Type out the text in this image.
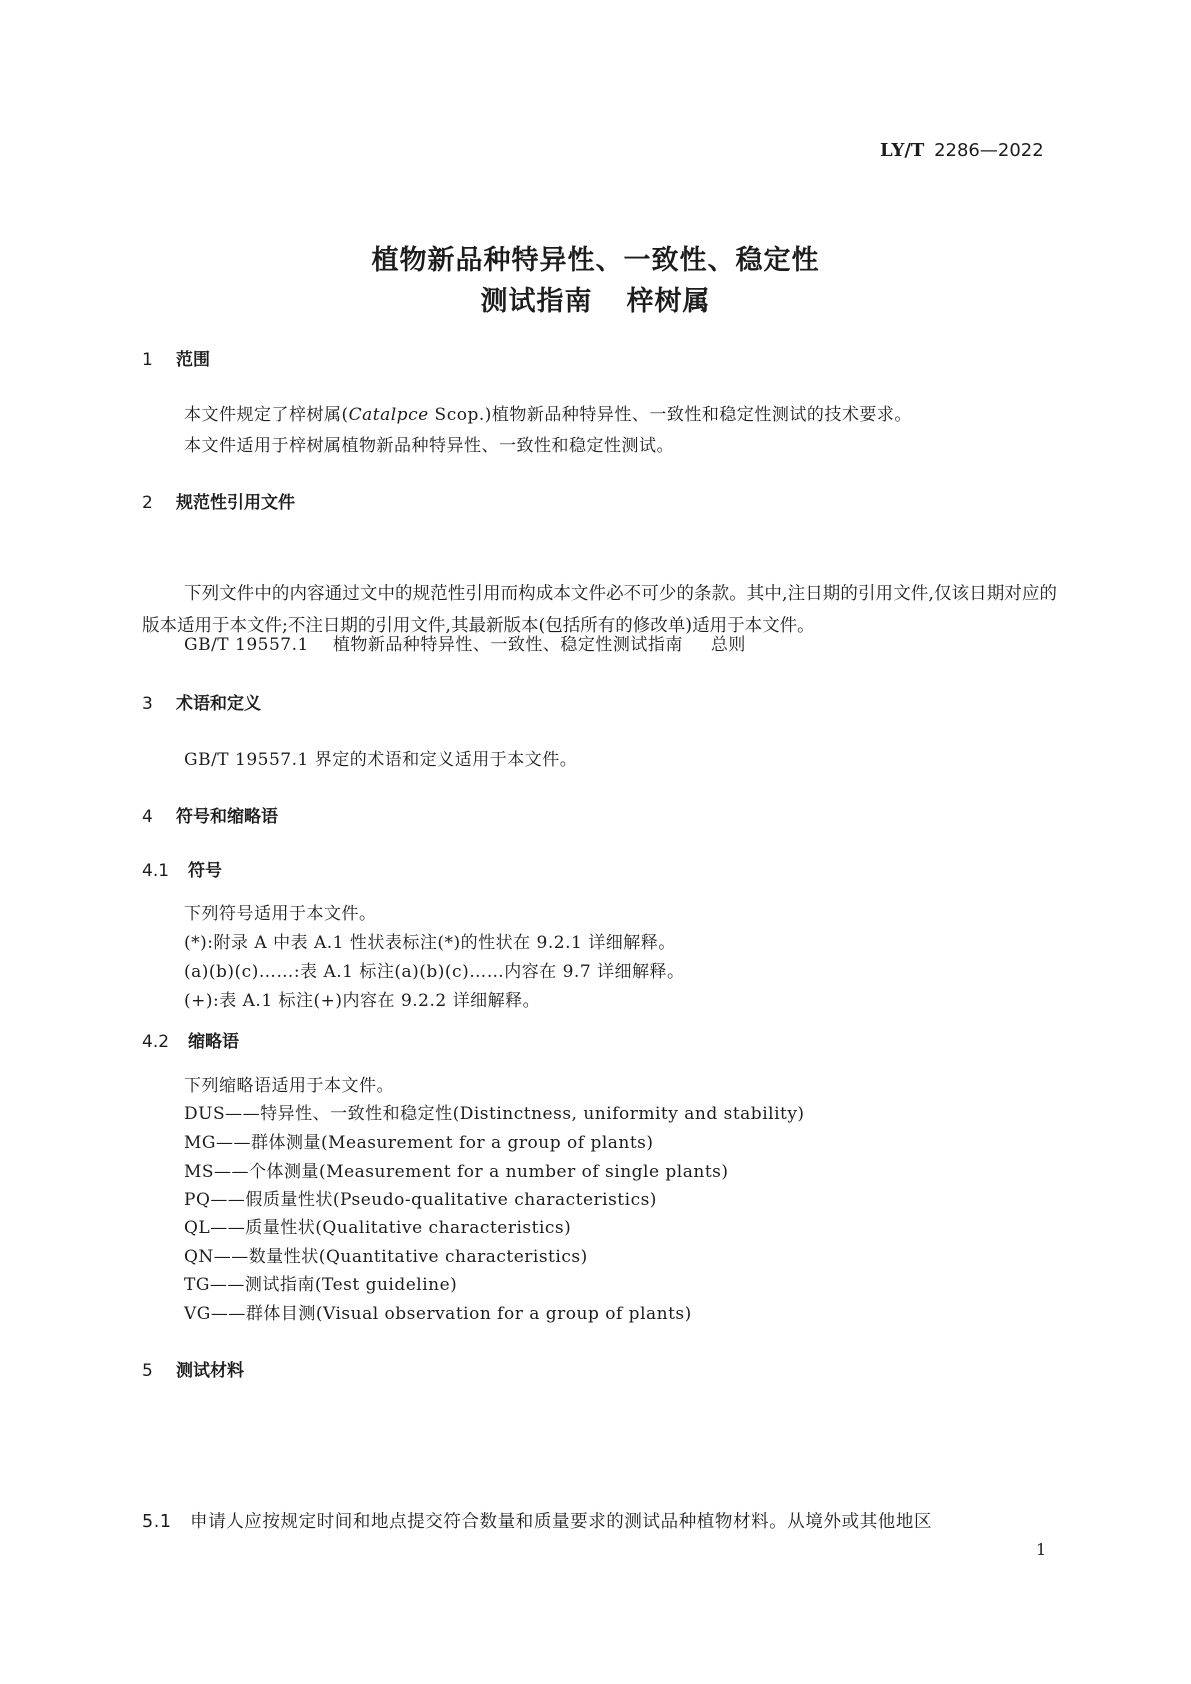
LY/T 2286—2022
植物新品种特异性、一致性、稳定性
测试指南 梓树属
1 范围
本文件规定了梓树属(Catalpce Scop.)植物新品种特异性、一致性和稳定性测试的技术要求。
本文件适用于梓树属植物新品种特异性、一致性和稳定性测试。
2 规范性引用文件
下列文件中的内容通过文中的规范性引用而构成本文件必不可少的条款。其中,注日期的引用文件,仅该日期对应的版本适用于本文件;不注日期的引用文件,其最新版本(包括所有的修改单)适用于本文件。
GB/T 19557.1 植物新品种特异性、一致性、稳定性测试指南 总则
3 术语和定义
GB/T 19557.1 界定的术语和定义适用于本文件。
4 符号和缩略语
4.1 符号
下列符号适用于本文件。
(*):附录 A 中表 A.1 性状表标注(*)的性状在 9.2.1 详细解释。
(a)(b)(c)……:表 A.1 标注(a)(b)(c)……内容在 9.7 详细解释。
(+):表 A.1 标注(+)内容在 9.2.2 详细解释。
4.2 缩略语
下列缩略语适用于本文件。
DUS——特异性、一致性和稳定性(Distinctness, uniformity and stability)
MG——群体测量(Measurement for a group of plants)
MS——个体测量(Measurement for a number of single plants)
PQ——假质量性状(Pseudo-qualitative characteristics)
QL——质量性状(Qualitative characteristics)
QN——数量性状(Quantitative characteristics)
TG——测试指南(Test guideline)
VG——群体目测(Visual observation for a group of plants)
5 测试材料
5.1 申请人应按规定时间和地点提交符合数量和质量要求的测试品种植物材料。从境外或其他地区
1
